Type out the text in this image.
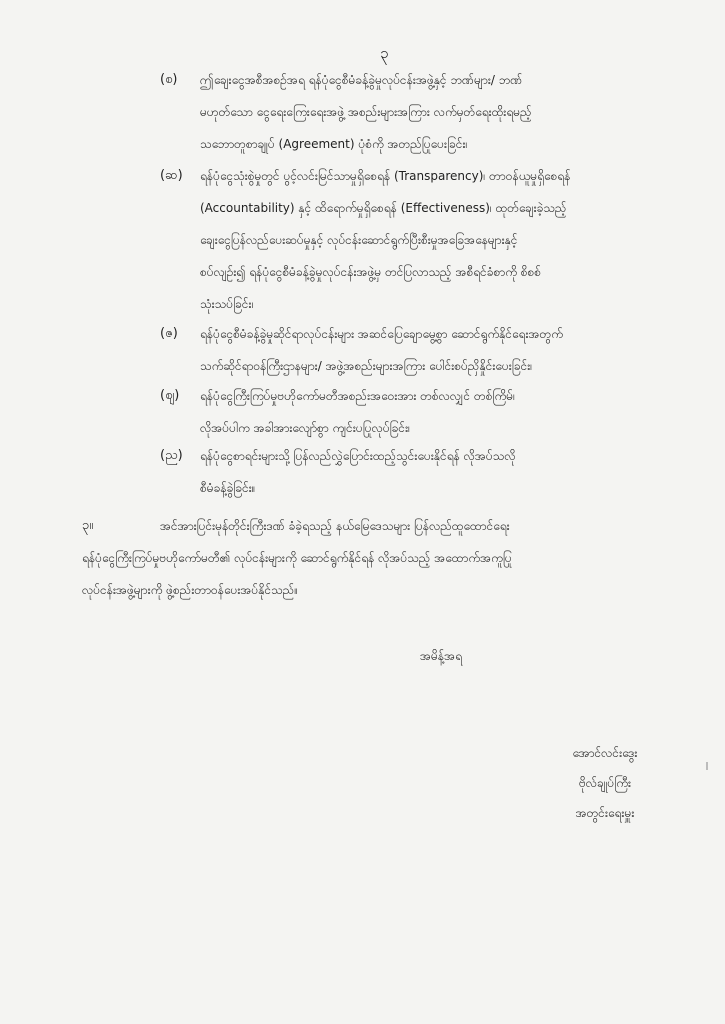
၃
(စ) ဤချေးငွေအစီအစဉ်အရ ရန်ပုံငွေစီမံခန့်ခွဲမှုလုပ်ငန်းအဖွဲ့နှင့် ဘဏ်များ/ ဘဏ်
မဟုတ်သော ငွေရေးကြေးရေးအဖွဲ့ အစည်းများအကြား လက်မှတ်ရေးထိုးရမည့်
သဘောတူစာချုပ် (Agreement) ပုံစံကို အတည်ပြုပေးခြင်း၊
(ဆ) ရန်ပုံငွေသုံးစွဲမှုတွင် ပွင့်လင်းမြင်သာမှုရှိစေရန် (Transparency)၊ တာဝန်ယူမှုရှိစေရန်
(Accountability) နှင့် ထိရောက်မှုရှိစေရန် (Effectiveness)၊ ထုတ်ချေးခဲ့သည့်
ချေးငွေပြန်လည်ပေးဆပ်မှုနှင့် လုပ်ငန်းဆောင်ရွက်ပြီးစီးမှုအခြေအနေများနှင့်
စပ်လျဉ်း၍ ရန်ပုံငွေစီမံခန့်ခွဲမှုလုပ်ငန်းအဖွဲ့မှ တင်ပြလာသည့် အစီရင်ခံစာကို စိစစ်
သုံးသပ်ခြင်း၊
(ဇ) ရန်ပုံငွေစီမံခန့်ခွဲမှုဆိုင်ရာလုပ်ငန်းများ အဆင်ပြေချောမွေ့စွာ ဆောင်ရွက်နိုင်ရေးအတွက်
သက်ဆိုင်ရာဝန်ကြီးဌာနများ/ အဖွဲ့အစည်းများအကြား ပေါင်းစပ်ညှိနှိုင်းပေးခြင်း၊
(ဈ) ရန်ပုံငွေကြီးကြပ်မှုဗဟိုကော်မတီအစည်းအဝေးအား တစ်လလျှင် တစ်ကြိမ်၊
လိုအပ်ပါက အခါအားလျော်စွာ ကျင်းပပြုလုပ်ခြင်း၊
(ည) ရန်ပုံငွေစာရင်းများသို့ ပြန်လည်လွှဲပြောင်းထည့်သွင်းပေးနိုင်ရန် လိုအပ်သလို
စီမံခန့်ခွဲခြင်း။
၃။	အင်အားပြင်းမုန်တိုင်းကြီးဒဏ် ခံခဲ့ရသည့် နယ်မြေဒေသများ ပြန်လည်ထူထောင်ရေး
ရန်ပုံငွေကြီးကြပ်မှုဗဟိုကော်မတီ၏ လုပ်ငန်းများကို ဆောင်ရွက်နိုင်ရန် လိုအပ်သည့် အထောက်အကူပြု
လုပ်ငန်းအဖွဲ့များကို ဖွဲ့စည်းတာဝန်ပေးအပ်နိုင်သည်။
အမိန့်အရ
အောင်လင်းဒွေး
ဗိုလ်ချုပ်ကြီး
အတွင်းရေးမှူး
